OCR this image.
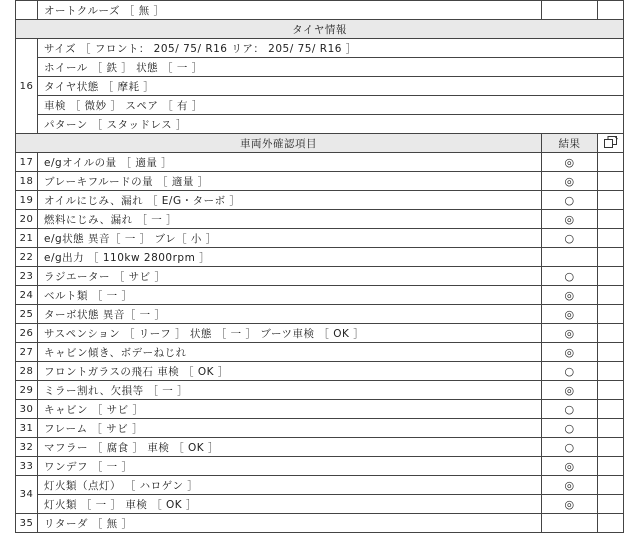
	オートクルーズ ［ 無 ］		
タイヤ情報			
16	サイズ ［ フロント： 205/ 75/ R16 リア： 205/ 75/ R16 ］		
	ホイール ［ 鉄 ］ 状態 ［ 一 ］		
	タイヤ状態 ［ 摩耗 ］		
	車検 ［ 微妙 ］ スペア ［ 有 ］		
	パターン ［ スタッドレス ］		
車両外確認項目		結果	
17	e/gオイルの量 ［ 適量 ］	◎	
18	ブレーキフルードの量 ［ 適量 ］	◎	
19	オイルにじみ、漏れ ［ E/G・ターボ ］	○	
20	燃料にじみ、漏れ ［ 一 ］	◎	
21	e/g状態 異音［ 一 ］ ブレ［ 小 ］	○	
22	e/g出力 ［ 110kw 2800rpm ］		
23	ラジエーター ［ サビ ］	○	
24	ベルト類 ［ 一 ］	◎	
25	ターボ状態 異音［ 一 ］	◎	
26	サスペンション ［ リーフ ］ 状態 ［ 一 ］ ブーツ車検 ［ OK ］	◎	
27	キャビン傾き、ボデーねじれ	◎	
28	フロントガラスの飛石 車検 ［ OK ］	○	
29	ミラー割れ、欠損等 ［ 一 ］	◎	
30	キャビン ［ サビ ］	○	
31	フレーム ［ サビ ］	○	
32	マフラー ［ 腐食 ］ 車検 ［ OK ］	○	
33	ワンデフ ［ 一 ］	◎	
34	灯火類（点灯） ［ ハロゲン ］	◎	
	灯火類 ［ 一 ］ 車検 ［ OK ］	◎	
35	リターダ ［ 無 ］		
